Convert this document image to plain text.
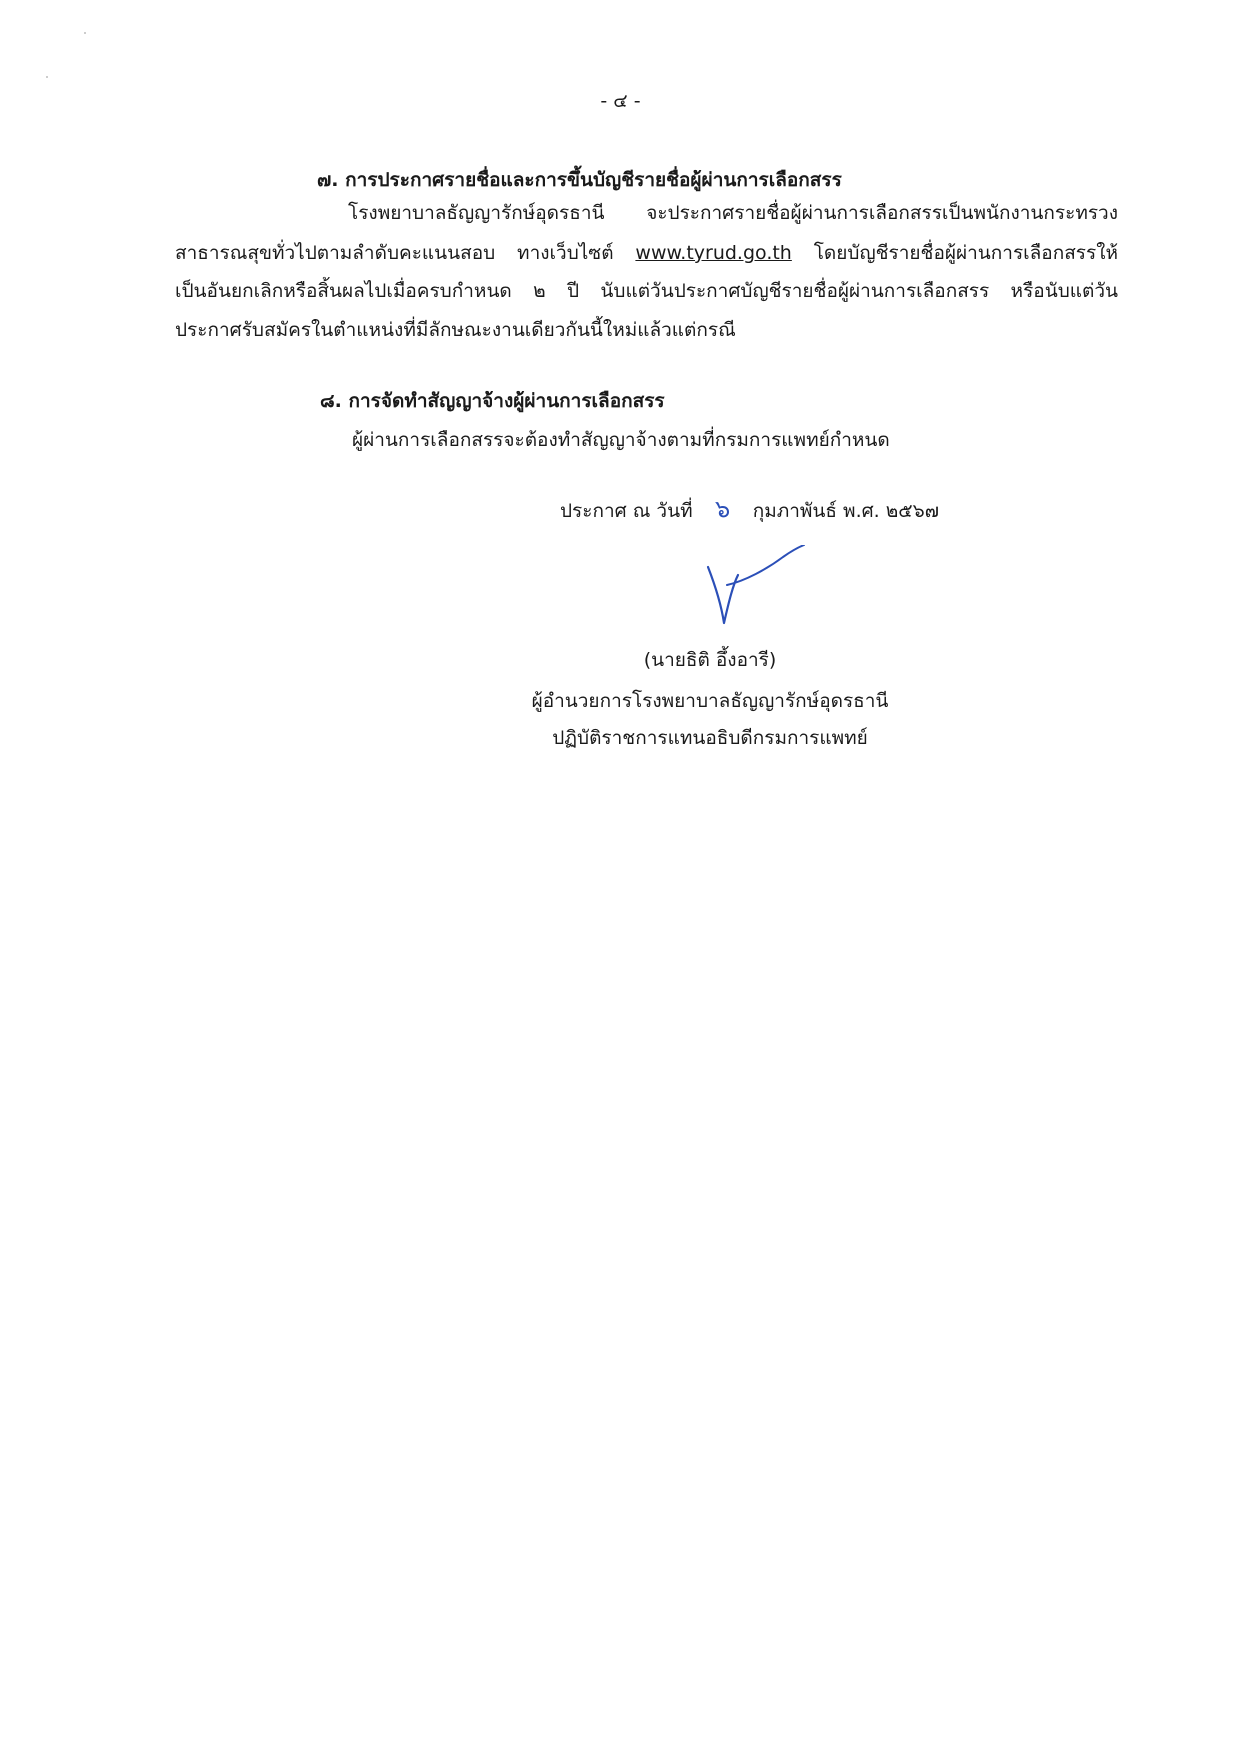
- ๔ -
๗. การประกาศรายชื่อและการขึ้นบัญชีรายชื่อผู้ผ่านการเลือกสรร
โรงพยาบาลธัญญารักษ์อุดรธานี จะประกาศรายชื่อผู้ผ่านการเลือกสรรเป็นพนักงานกระทรวง
สาธารณสุขทั่วไปตามลำดับคะแนนสอบ ทางเว็บไซต์ www.tyrud.go.th โดยบัญชีรายชื่อผู้ผ่านการเลือกสรรให้
เป็นอันยกเลิกหรือสิ้นผลไปเมื่อครบกำหนด ๒ ปี นับแต่วันประกาศบัญชีรายชื่อผู้ผ่านการเลือกสรร หรือนับแต่วัน
ประกาศรับสมัครในตำแหน่งที่มีลักษณะงานเดียวกันนี้ใหม่แล้วแต่กรณี
๘. การจัดทำสัญญาจ้างผู้ผ่านการเลือกสรร
ผู้ผ่านการเลือกสรรจะต้องทำสัญญาจ้างตามที่กรมการแพทย์กำหนด
ประกาศ ณ วันที่ ๖ กุมภาพันธ์ พ.ศ. ๒๕๖๗
(นายธิติ อึ้งอารี)
ผู้อำนวยการโรงพยาบาลธัญญารักษ์อุดรธานี
ปฏิบัติราชการแทนอธิบดีกรมการแพทย์
